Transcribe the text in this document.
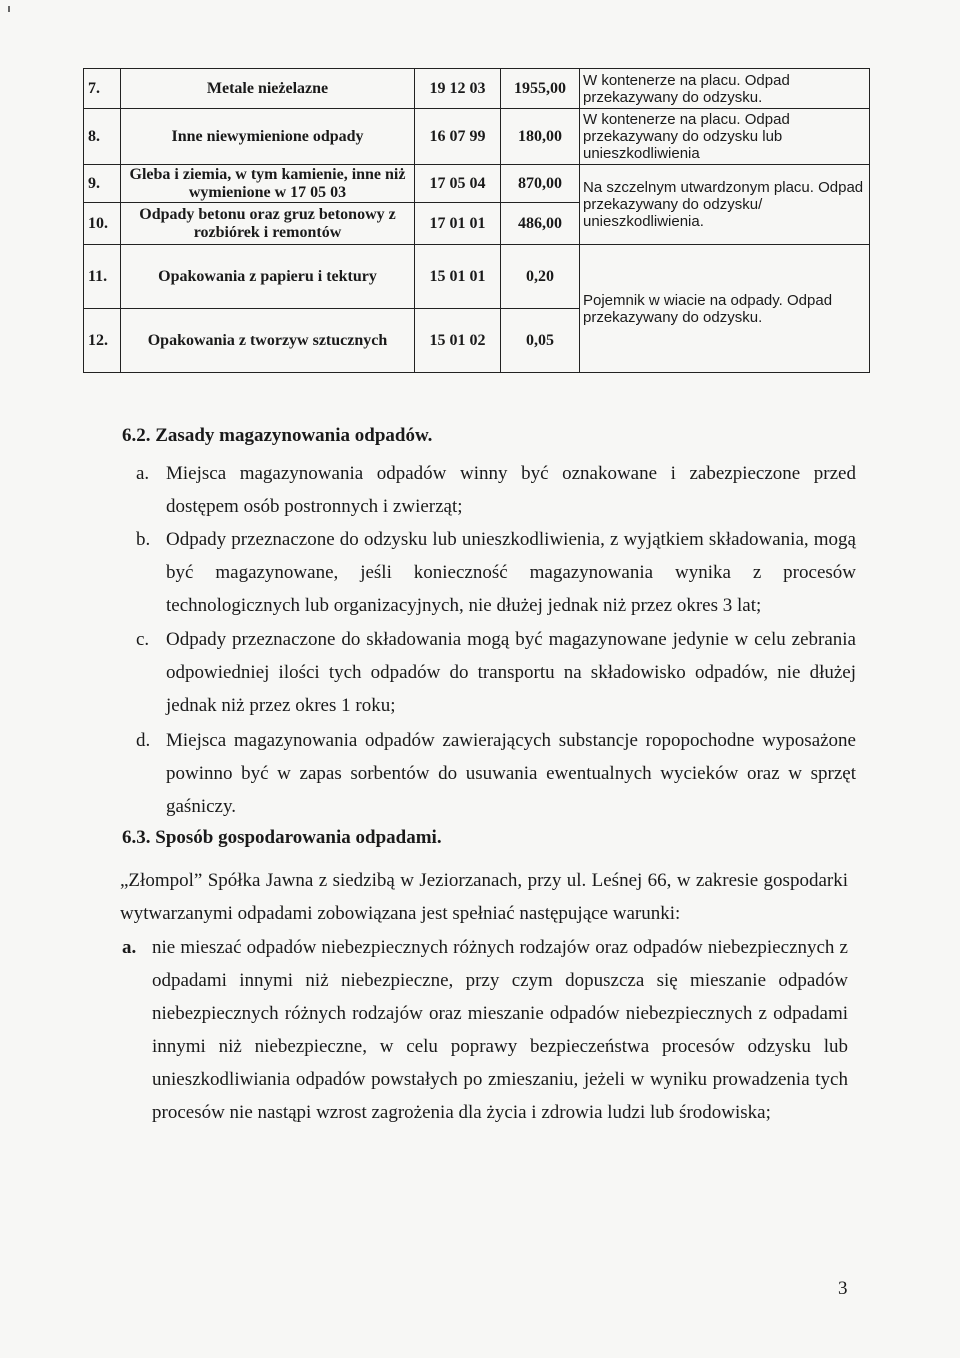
7.	Metale nieżelazne	19 12 03	1955,00	W kontenerze na placu. Odpad przekazywany do odzysku.
8.	Inne niewymienione odpady	16 07 99	180,00	W kontenerze na placu. Odpad przekazywany do odzysku lub unieszkodliwienia
9.	Gleba i ziemia, w tym kamienie, inne niż wymienione w 17 05 03	17 05 04	870,00	Na szczelnym utwardzonym placu. Odpad przekazywany do odzysku/ unieszkodliwienia.
10.	Odpady betonu oraz gruz betonowy z rozbiórek i remontów	17 01 01	486,00	
11.	Opakowania z papieru i tektury	15 01 01	0,20	Pojemnik w wiacie na odpady. Odpad przekazywany do odzysku.
12.	Opakowania z tworzyw sztucznych	15 01 02	0,05	
6.2. Zasady magazynowania odpadów.
a. Miejsca magazynowania odpadów winny być oznakowane i zabezpieczone przed dostępem osób postronnych i zwierząt;
b. Odpady przeznaczone do odzysku lub unieszkodliwienia, z wyjątkiem składowania, mogą być magazynowane, jeśli konieczność magazynowania wynika z procesów technologicznych lub organizacyjnych, nie dłużej jednak niż przez okres 3 lat;
c. Odpady przeznaczone do składowania mogą być magazynowane jedynie w celu zebrania odpowiedniej ilości tych odpadów do transportu na składowisko odpadów, nie dłużej jednak niż przez okres 1 roku;
d. Miejsca magazynowania odpadów zawierających substancje ropopochodne wyposażone powinno być w zapas sorbentów do usuwania ewentualnych wycieków oraz w sprzęt gaśniczy.
6.3. Sposób gospodarowania odpadami.
„Złompol” Spółka Jawna z siedzibą w Jeziorzanach, przy ul. Leśnej 66, w zakresie gospodarki wytwarzanymi odpadami zobowiązana jest spełniać następujące warunki:
a. nie mieszać odpadów niebezpiecznych różnych rodzajów oraz odpadów niebezpiecznych z odpadami innymi niż niebezpieczne, przy czym dopuszcza się mieszanie odpadów niebezpiecznych różnych rodzajów oraz mieszanie odpadów niebezpiecznych z odpadami innymi niż niebezpieczne, w celu poprawy bezpieczeństwa procesów odzysku lub unieszkodliwiania odpadów powstałych po zmieszaniu, jeżeli w wyniku prowadzenia tych procesów nie nastąpi wzrost zagrożenia dla życia i zdrowia ludzi lub środowiska;
3
